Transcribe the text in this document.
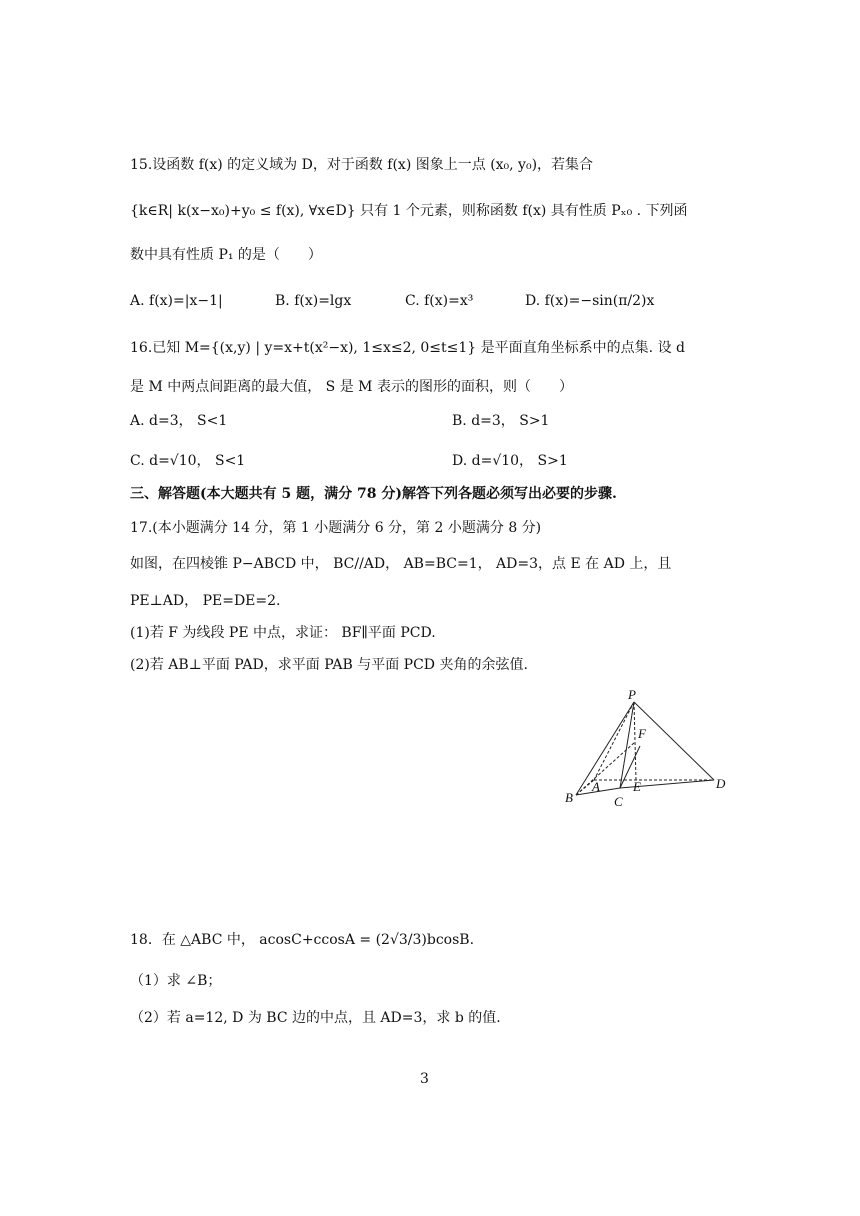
15.设函数 f(x) 的定义域为 D，对于函数 f(x) 图象上一点 (x₀, y₀)，若集合
{k∈R| k(x−x₀)+y₀ ≤ f(x), ∀x∈D} 只有 1 个元素，则称函数 f(x) 具有性质 Pₓ₀ . 下列函
数中具有性质 P₁ 的是（　　）
A. f(x)=|x−1|	B. f(x)=lgx	C. f(x)=x³	D. f(x)=−sin(π/2)x
16.已知 M={(x,y) | y=x+t(x²−x), 1≤x≤2, 0≤t≤1} 是平面直角坐标系中的点集. 设 d
是 M 中两点间距离的最大值， S 是 M 表示的图形的面积，则（　　）
A. d=3， S<1	B. d=3， S>1
C. d=√10， S<1	D. d=√10， S>1
三、解答题(本大题共有 5 题，满分 78 分)解答下列各题必须写出必要的步骤.
17.(本小题满分 14 分，第 1 小题满分 6 分，第 2 小题满分 8 分)
如图，在四棱锥 P−ABCD 中， BC//AD， AB=BC=1， AD=3，点 E 在 AD 上，且
PE⊥AD， PE=DE=2.
(1)若 F 为线段 PE 中点，求证： BF∥平面 PCD.
(2)若 AB⊥平面 PAD，求平面 PAB 与平面 PCD 夹角的余弦值.
P
F
A	E
B	C
D
18．在 △ABC 中， acosC+ccosA = (2√3/3)bcosB.
（1）求 ∠B；
（2）若 a=12, D 为 BC 边的中点，且 AD=3，求 b 的值.
3
